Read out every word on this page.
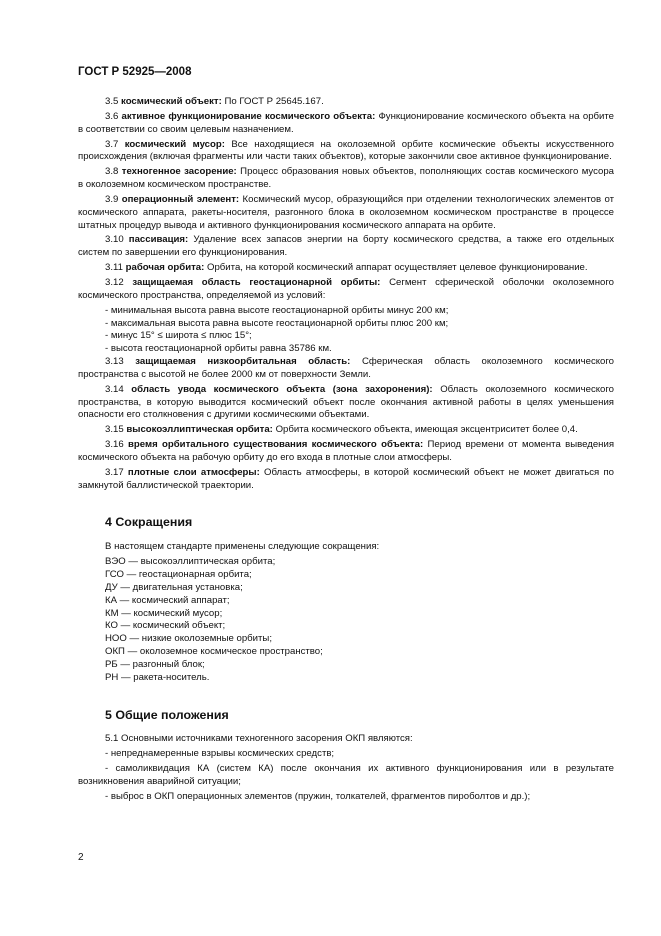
ГОСТ Р 52925—2008

3.5 космический объект: По ГОСТ Р 25645.167.

3.6 активное функционирование космического объекта: Функционирование космического объекта на орбите в соответствии со своим целевым назначением.

3.7 космический мусор: Все находящиеся на околоземной орбите космические объекты искусственного происхождения (включая фрагменты или части таких объектов), которые закончили свое активное функционирование.

3.8 техногенное засорение: Процесс образования новых объектов, пополняющих состав космического мусора в околоземном космическом пространстве.

3.9 операционный элемент: Космический мусор, образующийся при отделении технологических элементов от космического аппарата, ракеты-носителя, разгонного блока в околоземном космическом пространстве в процессе штатных процедур вывода и активного функционирования космического аппарата на орбите.

3.10 пассивация: Удаление всех запасов энергии на борту космического средства, а также его отдельных систем по завершении его функционирования.

3.11 рабочая орбита: Орбита, на которой космический аппарат осуществляет целевое функционирование.

3.12 защищаемая область геостационарной орбиты: Сегмент сферической оболочки околоземного космического пространства, определяемой из условий:

- минимальная высота равна высоте геостационарной орбиты минус 200 км;

- максимальная высота равна высоте геостационарной орбиты плюс 200 км;

- минус 15° ≤ широта ≤ плюс 15°;

- высота геостационарной орбиты равна 35786 км.

3.13 защищаемая низкоорбитальная область: Сферическая область околоземного космического пространства с высотой не более 2000 км от поверхности Земли.

3.14 область увода космического объекта (зона захоронения): Область околоземного космического пространства, в которую выводится космический объект после окончания активной работы в целях уменьшения опасности его столкновения с другими космическими объектами.

3.15 высокоэллиптическая орбита: Орбита космического объекта, имеющая эксцентриситет более 0,4.

3.16 время орбитального существования космического объекта: Период времени от момента выведения космического объекта на рабочую орбиту до его входа в плотные слои атмосферы.

3.17 плотные слои атмосферы: Область атмосферы, в которой космический объект не может двигаться по замкнутой баллистической траектории.

4 Сокращения

В настоящем стандарте применены следующие сокращения:

ВЭО — высокоэллиптическая орбита;

ГСО — геостационарная орбита;

ДУ — двигательная установка;

КА — космический аппарат;

КМ — космический мусор;

КО — космический объект;

НОО — низкие околоземные орбиты;

ОКП — околоземное космическое пространство;

РБ — разгонный блок;

РН — ракета-носитель.

5 Общие положения

5.1 Основными источниками техногенного засорения ОКП являются:

- непреднамеренные взрывы космических средств;

- самоликвидация КА (систем КА) после окончания их активного функционирования или в результате возникновения аварийной ситуации;

- выброс в ОКП операционных элементов (пружин, толкателей, фрагментов пироболтов и др.);

2
